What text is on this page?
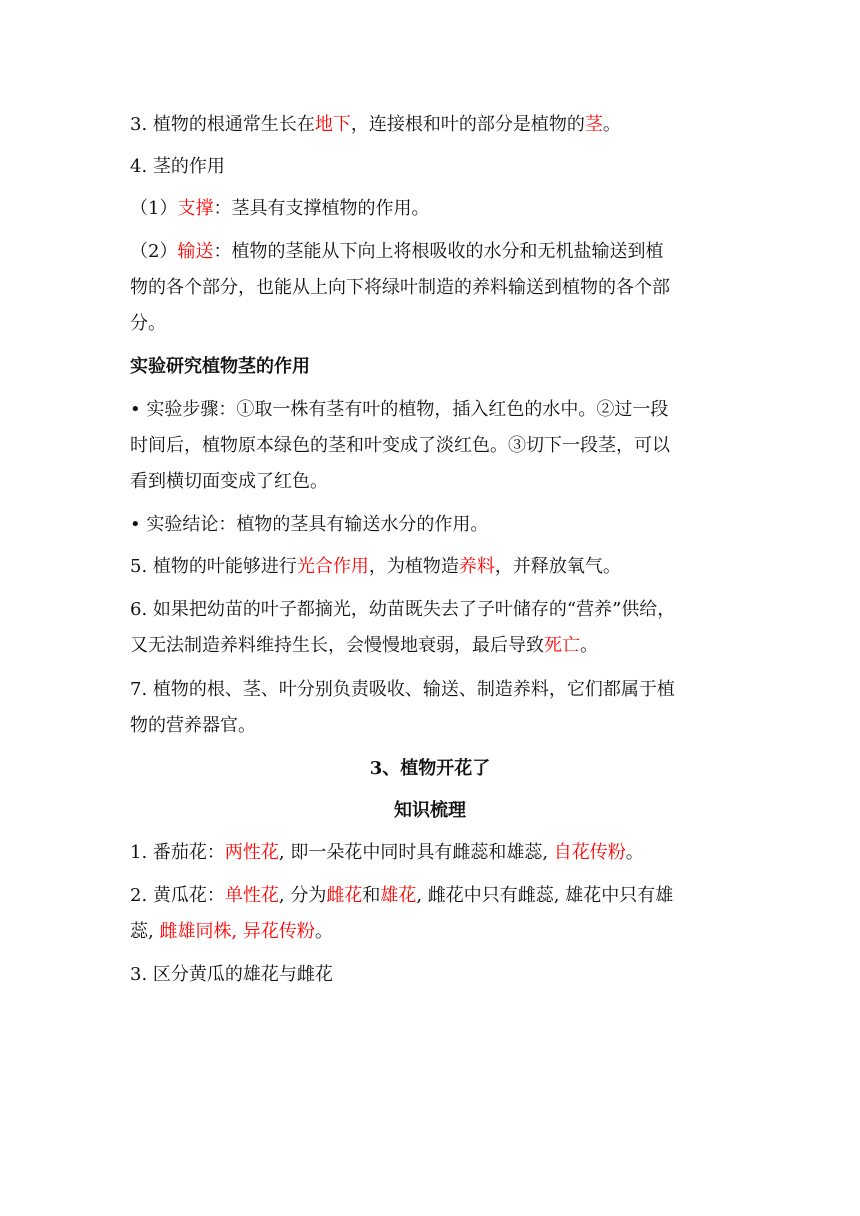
3. 植物的根通常生长在地下，连接根和叶的部分是植物的茎。
4. 茎的作用
（1）支撑：茎具有支撑植物的作用。
（2）输送：植物的茎能从下向上将根吸收的水分和无机盐输送到植
物的各个部分，也能从上向下将绿叶制造的养料输送到植物的各个部
分。
实验研究植物茎的作用
• 实验步骤：①取一株有茎有叶的植物，插入红色的水中。②过一段
时间后，植物原本绿色的茎和叶变成了淡红色。③切下一段茎，可以
看到横切面变成了红色。
• 实验结论：植物的茎具有输送水分的作用。
5. 植物的叶能够进行光合作用，为植物造养料，并释放氧气。
6. 如果把幼苗的叶子都摘光，幼苗既失去了子叶储存的“营养”供给，
又无法制造养料维持生长，会慢慢地衰弱，最后导致死亡。
7. 植物的根、茎、叶分别负责吸收、输送、制造养料，它们都属于植
物的营养器官。
3、植物开花了
知识梳理
1. 番茄花：两性花, 即一朵花中同时具有雌蕊和雄蕊, 自花传粉。
2. 黄瓜花：单性花, 分为雌花和雄花, 雌花中只有雌蕊, 雄花中只有雄
蕊, 雌雄同株, 异花传粉。
3. 区分黄瓜的雄花与雌花
